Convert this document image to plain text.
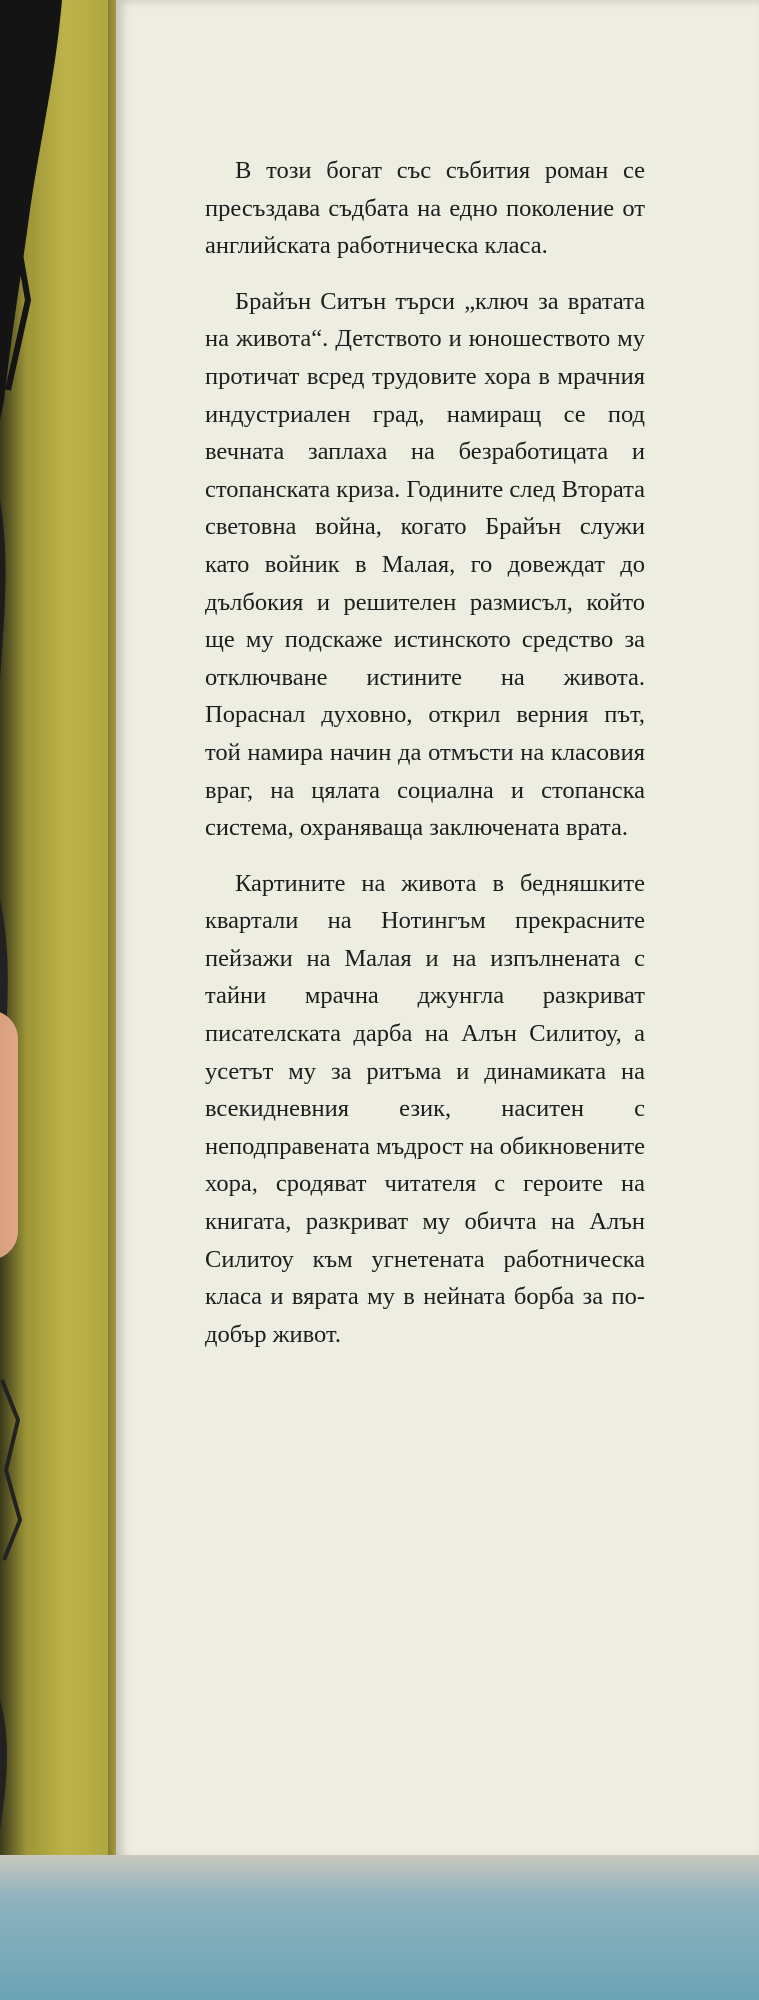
В този богат със събития роман се пресъздава съдбата на едно поколение от английската работническа класа.

Брайън Ситън търси „ключ за вратата на живота“. Детството и юношеството му протичат всред трудовите хора в мрачния индустриален град, намиращ се под вечната заплаха на безработицата и стопанската криза. Годините след Втората световна война, когато Брайън служи като войник в Малая, го довеждат до дълбокия и решителен размисъл, който ще му подскаже истинското средство за отключване истините на живота. Пораснал духовно, открил верния път, той намира начин да отмъсти на класовия враг, на цялата социална и стопанска система, охраняваща заключената врата.

Картините на живота в бедняшките квартали на Нотингъм прекрасните пейзажи на Малая и на изпълнената с тайни мрачна джунгла разкриват писателската дарба на Алън Силитоу, а усетът му за ритъма и динамиката на всекидневния език, наситен с неподправената мъдрост на обикновените хора, сродяват читателя с героите на книгата, разкриват му обичта на Алън Силитоу към угнетената работническа класа и вярата му в нейната борба за по-добър живот.
